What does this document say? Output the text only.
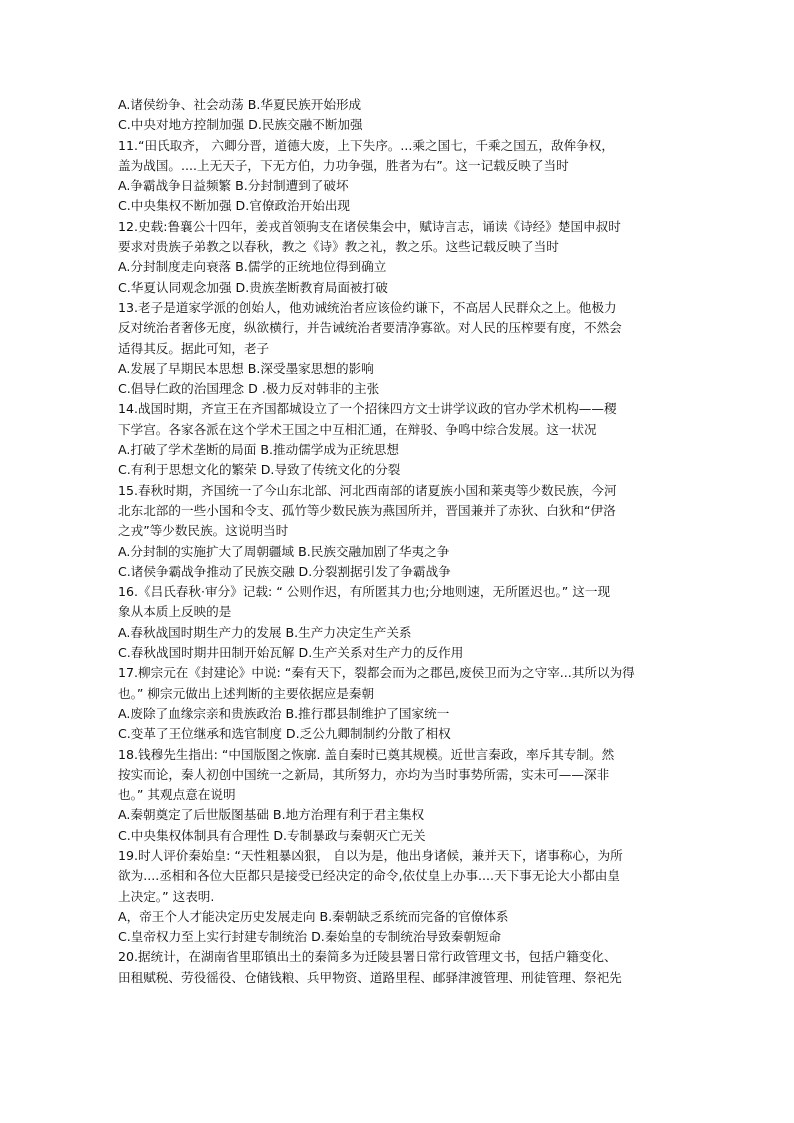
A.诸侯纷争、社会动荡 B.华夏民族开始形成
C.中央对地方控制加强 D.民族交融不断加强
11.“田氏取齐， 六卿分晋，道德大废，上下失序。...乘之国七，千乘之国五，敌侔争权，
盖为战国。....上无天子，下无方伯，力功争强，胜者为右”。这一记载反映了当时
A.争霸战争日益频繁 B.分封制遭到了破坏
C.中央集权不断加强 D.官僚政治开始出现
12.史载:鲁襄公十四年，姜戎首领驹支在诸侯集会中，赋诗言志，诵读《诗经》楚国申叔时
要求对贵族子弟教之以春秋，教之《诗》教之礼，教之乐。这些记载反映了当时
A.分封制度走向衰落 B.儒学的正统地位得到确立
C.华夏认同观念加强 D.贵族垄断教育局面被打破
13.老子是道家学派的创始人，他劝诫统治者应该俭约谦下，不高居人民群众之上。他极力
反对统治者奢侈无度，纵欲横行，并告诫统治者要清净寡欲。对人民的压榨要有度，不然会
适得其反。据此可知，老子
A.发展了早期民本思想 B.深受墨家思想的影响
C.倡导仁政的治国理念 D .极力反对韩非的主张
14.战国时期，齐宣王在齐国都城设立了一个招徕四方文士讲学议政的官办学术机构——稷
下学宫。各家各派在这个学术王国之中互相汇通，在辩驳、争鸣中综合发展。这一状况
A.打破了学术垄断的局面 B.推动儒学成为正统思想
C.有利于思想文化的繁荣 D.导致了传统文化的分裂
15.春秋时期，齐国统一了今山东北部、河北西南部的诸夏族小国和莱夷等少数民族，今河
北东北部的一些小国和令支、孤竹等少数民族为燕国所并，晋国兼并了赤狄、白狄和“伊洛
之戎”等少数民族。这说明当时
A.分封制的实施扩大了周朝疆域 B.民族交融加剧了华夷之争
C.诸侯争霸战争推动了民族交融 D.分裂割据引发了争霸战争
16.《吕氏春秋·审分》记载: “ 公则作迟，有所匿其力也;分地则速，无所匿迟也。” 这一现
象从本质上反映的是
A.春秋战国时期生产力的发展 B.生产力决定生产关系
C.春秋战国时期井田制开始瓦解 D.生产关系对生产力的反作用
17.柳宗元在《封建论》中说: “秦有天下，裂都会而为之郡邑,废侯卫而为之守宰...其所以为得
也。” 柳宗元做出上述判断的主要依据应是秦朝
A.废除了血缘宗亲和贵族政治 B.推行郡县制维护了国家统一
C.变革了王位继承和选官制度 D.乏公九卿制制约分散了相权
18.钱穆先生指出: “中国版图之恢廓. 盖自秦时已奠其规模。近世言秦政，率斥其专制。然
按实而论，秦人初创中国统一之新局，其所努力，亦均为当时事势所需，实未可——深非
也。” 其观点意在说明
A.秦朝奠定了后世版图基础 B.地方治理有利于君主集权
C.中央集权体制具有合理性 D.专制暴政与秦朝灭亡无关
19.时人评价秦始皇: “天性粗暴凶狠， 自以为是，他出身诸候，兼并天下，诸事称心，为所
欲为....丞相和各位大臣都只是接受已经决定的命令,依仗皇上办事....天下事无论大小都由皇
上决定。” 这表明.
A，帝王个人才能决定历史发展走向 B.秦朝缺乏系统而完备的官僚体系
C.皇帝权力至上实行封建专制统治 D.秦始皇的专制统治导致秦朝短命
20.据统计，在湖南省里耶镇出土的秦简多为迁陵县署日常行政管理文书，包括户籍变化、
田租赋税、劳役徭役、仓储钱粮、兵甲物资、道路里程、邮驿津渡管理、刑徒管理、祭祀先
